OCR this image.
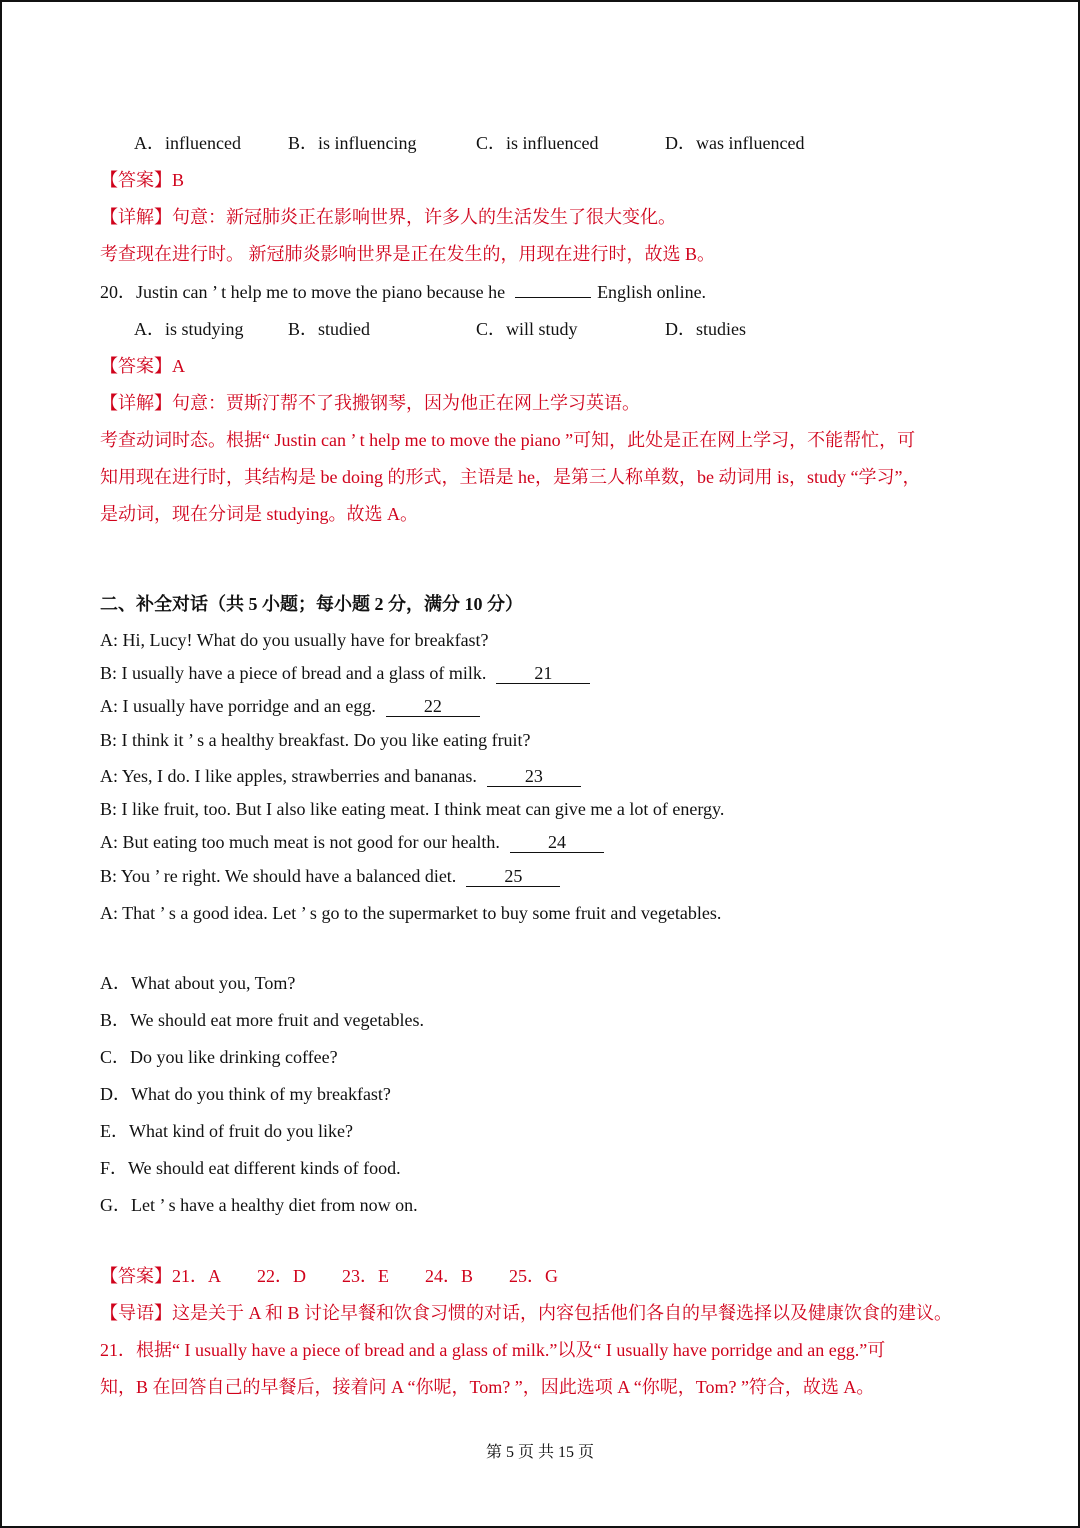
A．influenced	B．is influencing	C．is influenced	D．was influenced
【答案】B
【详解】句意：新冠肺炎正在影响世界，许多人的生活发生了很大变化。
考查现在进行时。 新冠肺炎影响世界是正在发生的，用现在进行时，故选 B。
20．Justin can ’ t help me to move the piano because he	English online.
A．is studying B．studied	C．will study	D．studies
【答案】A
【详解】句意：贾斯汀帮不了我搬钢琴，因为他正在网上学习英语。
考查动词时态。根据“ Justin can ’ t help me to move the piano ”可知，此处是正在网上学习，不能帮忙，可
知用现在进行时，其结构是 be doing 的形式，主语是 he，是第三人称单数，be 动词用 is，study “学习”，
是动词，现在分词是 studying。故选 A。
二、补全对话（共 5 小题；每小题 2 分，满分 10 分）
A: Hi, Lucy! What do you usually have for breakfast?
B: I usually have a piece of bread and a glass of milk.	21
A: I usually have porridge and an egg.	22
B: I think it ’ s a healthy breakfast. Do you like eating fruit?
A: Yes, I do. I like apples, strawberries and bananas.	23
B: I like fruit, too. But I also like eating meat. I think meat can give me a lot of energy.
A: But eating too much meat is not good for our health.	24
B: You ’ re right. We should have a balanced diet.	25
A: That ’ s a good idea. Let ’ s go to the supermarket to buy some fruit and vegetables.
A．What about you, Tom?
B．We should eat more fruit and vegetables.
C．Do you like drinking coffee?
D．What do you think of my breakfast?
E．What kind of fruit do you like?
F．We should eat different kinds of food.
G．Let ’ s have a healthy diet from now on.
【答案】21．A 22．D 23．E 24．B 25．G
【导语】这是关于 A 和 B 讨论早餐和饮食习惯的对话，内容包括他们各自的早餐选择以及健康饮食的建议。
21．根据“ I usually have a piece of bread and a glass of milk.”以及“ I usually have porridge and an egg.”可
知，B 在回答自己的早餐后，接着问 A “你呢，Tom? ”，因此选项 A “你呢，Tom? ”符合，故选 A。
第 5 页 共 15 页
